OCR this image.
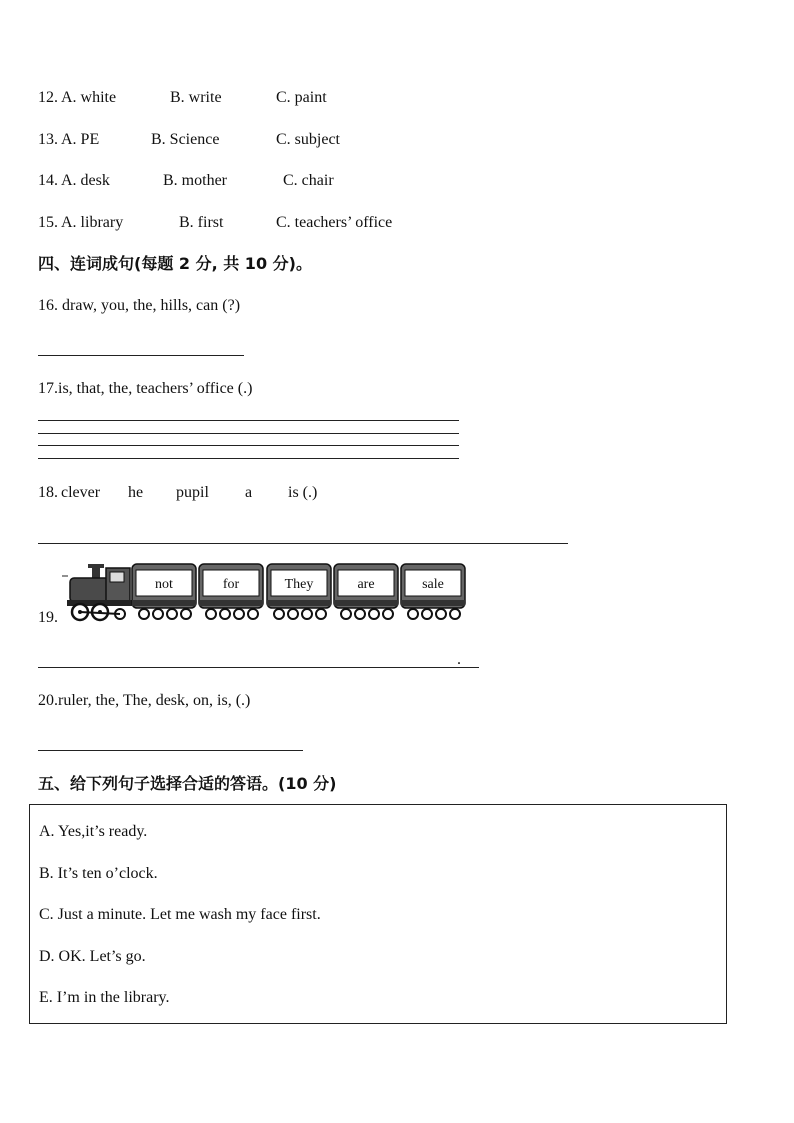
12. A. white	B. write	C. paint
13. A. PE	B. Science	C. subject
14. A. desk	B. mother	C. chair
15. A. library	B. first	C. teachers’ office
四、连词成句(每题 2 分, 共 10 分)。
16. draw, you, the, hills, can (?)
17.is, that, the, teachers’ office (.)
18. clever he pupil a is (.)
19.
not	for	They	are	sale
.
20.ruler, the, The, desk, on, is, (.)
五、给下列句子选择合适的答语。(10 分)
A. Yes,it’s ready.
B. It’s ten o’clock.
C. Just a minute. Let me wash my face first.
D. OK. Let’s go.
E. I’m in the library.
